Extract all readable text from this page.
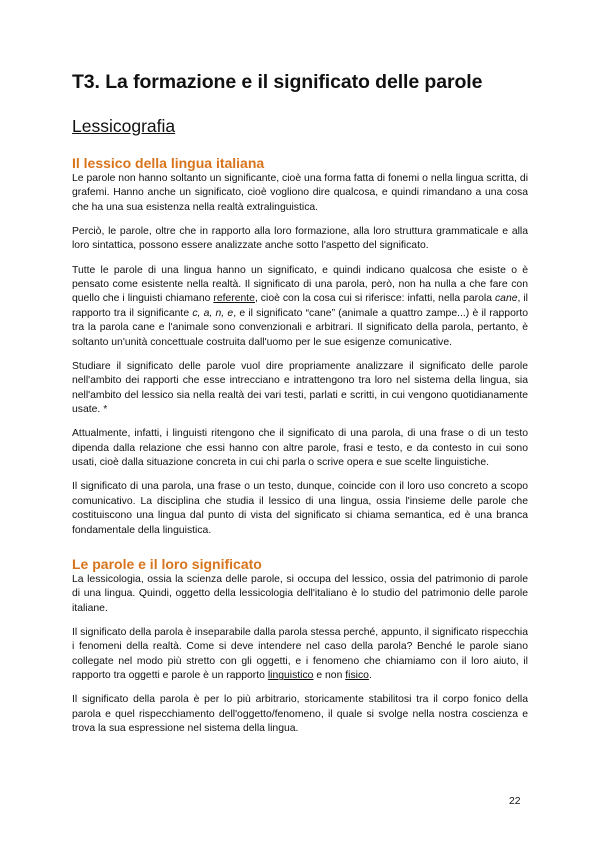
T3. La formazione e il significato delle parole
Lessicografia
Il lessico della lingua italiana

Le parole non hanno soltanto un significante, cioè una forma fatta di fonemi o nella lingua scritta, di grafemi. Hanno anche un significato, cioè vogliono dire qualcosa, e quindi rimandano a una cosa che ha una sua esistenza nella realtà extralinguistica.

Perciò, le parole, oltre che in rapporto alla loro formazione, alla loro struttura grammaticale e alla loro sintattica, possono essere analizzate anche sotto l'aspetto del significato.

Tutte le parole di una lingua hanno un significato, e quindi indicano qualcosa che esiste o è pensato come esistente nella realtà. Il significato di una parola, però, non ha nulla a che fare con quello che i linguisti chiamano referente, cioè con la cosa cui si riferisce: infatti, nella parola cane, il rapporto tra il significante c, a, n, e, e il significato “cane” (animale a quattro zampe...) è il rapporto tra la parola cane e l'animale sono convenzionali e arbitrari. Il significato della parola, pertanto, è soltanto un'unità concettuale costruita dall'uomo per le sue esigenze comunicative.

Studiare il significato delle parole vuol dire propriamente analizzare il significato delle parole nell'ambito dei rapporti che esse intrecciano e intrattengono tra loro nel sistema della lingua, sia nell'ambito del lessico sia nella realtà dei vari testi, parlati e scritti, in cui vengono quotidianamente usate. *

Attualmente, infatti, i linguisti ritengono che il significato di una parola, di una frase o di un testo dipenda dalla relazione che essi hanno con altre parole, frasi e testo, e da contesto in cui sono usati, cioè dalla situazione concreta in cui chi parla o scrive opera e sue scelte linguistiche.

Il significato di una parola, una frase o un testo, dunque, coincide con il loro uso concreto a scopo comunicativo. La disciplina che studia il lessico di una lingua, ossia l'insieme delle parole che costituiscono una lingua dal punto di vista del significato si chiama semantica, ed è una branca fondamentale della linguistica.

Le parole e il loro significato

La lessicologia, ossia la scienza delle parole, si occupa del lessico, ossia del patrimonio di parole di una lingua. Quindi, oggetto della lessicologia dell'italiano è lo studio del patrimonio delle parole italiane.

Il significato della parola è inseparabile dalla parola stessa perché, appunto, il significato rispecchia i fenomeni della realtà. Come si deve intendere nel caso della parola? Benché le parole siano collegate nel modo più stretto con gli oggetti, e i fenomeno che chiamiamo con il loro aiuto, il rapporto tra oggetti e parole è un rapporto linguistico e non fisico.

Il significato della parola è per lo più arbitrario, storicamente stabilitosi tra il corpo fonico della parola e quel rispecchiamento dell'oggetto/fenomeno, il quale si svolge nella nostra coscienza e trova la sua espressione nel sistema della lingua.

22
